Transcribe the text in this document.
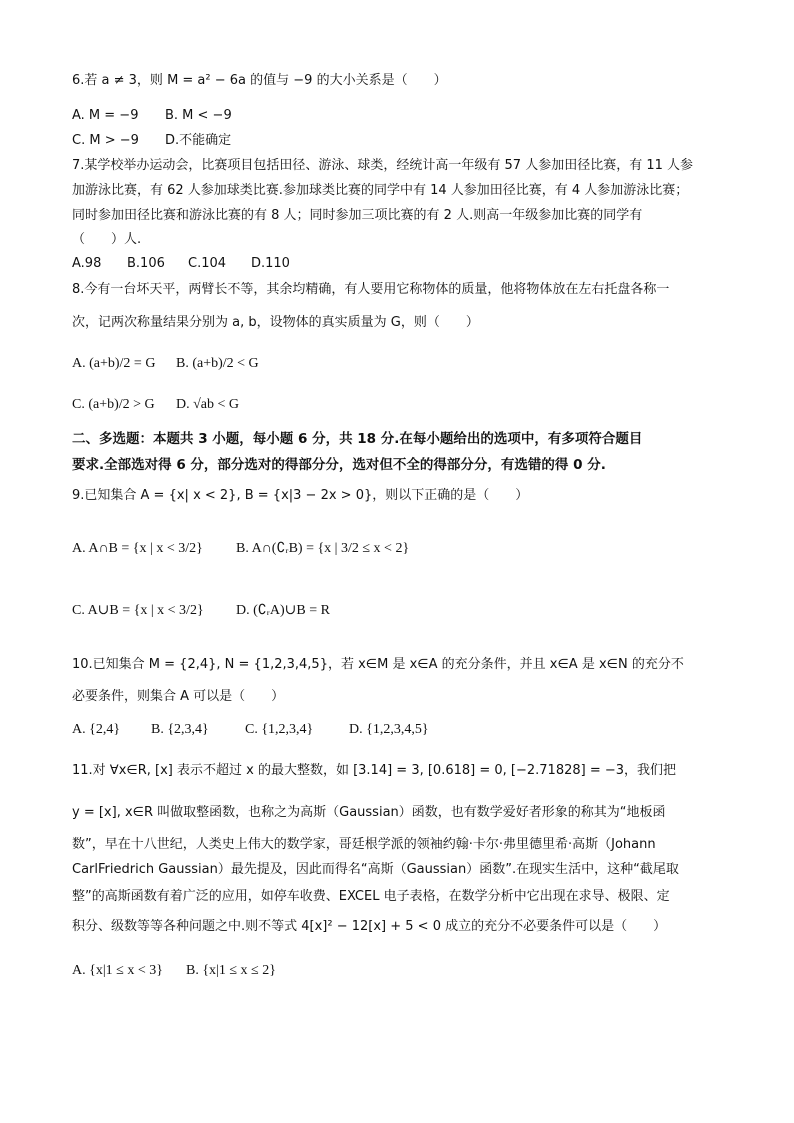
6.若 a ≠ 3，则 M = a² − 6a 的值与 −9 的大小关系是（　　）
A. M = −9 B. M < −9
C. M > −9 D.不能确定
7.某学校举办运动会，比赛项目包括田径、游泳、球类，经统计高一年级有 57 人参加田径比赛，有 11 人参
加游泳比赛，有 62 人参加球类比赛.参加球类比赛的同学中有 14 人参加田径比赛，有 4 人参加游泳比赛；
同时参加田径比赛和游泳比赛的有 8 人；同时参加三项比赛的有 2 人.则高一年级参加比赛的同学有
（　　）人.
A.98 B.106 C.104 D.110
8.今有一台坏天平，两臂长不等，其余均精确，有人要用它称物体的质量，他将物体放在左右托盘各称一
次，记两次称量结果分别为 a, b，设物体的真实质量为 G，则（　　）
A. (a+b)/2 = G B. (a+b)/2 < G
C. (a+b)/2 > G D. √ab < G
二、多选题：本题共 3 小题，每小题 6 分，共 18 分.在每小题给出的选项中，有多项符合题目
要求.全部选对得 6 分，部分选对的得部分分，选对但不全的得部分分，有选错的得 0 分.
9.已知集合 A = {x| x < 2}, B = {x|3 − 2x > 0}，则以下正确的是（　　）
A. A∩B = {x | x < 3/2} B. A∩(∁ᵣB) = {x | 3/2 ≤ x < 2}
C. A∪B = {x | x < 3/2} D. (∁ᵣA)∪B = R
10.已知集合 M = {2,4}, N = {1,2,3,4,5}，若 x∈M 是 x∈A 的充分条件，并且 x∈A 是 x∈N 的充分不
必要条件，则集合 A 可以是（　　）
A. {2,4} B. {2,3,4}	C. {1,2,3,4}	D. {1,2,3,4,5}
11.对 ∀x∈R, [x] 表示不超过 x 的最大整数，如 [3.14] = 3, [0.618] = 0, [−2.71828] = −3，我们把
y = [x], x∈R 叫做取整函数，也称之为高斯（Gaussian）函数，也有数学爱好者形象的称其为“地板函
数”，早在十八世纪，人类史上伟大的数学家，哥廷根学派的领袖约翰·卡尔·弗里德里希·高斯（Johann
CarlFriedrich Gaussian）最先提及，因此而得名“高斯（Gaussian）函数”.在现实生活中，这种“截尾取
整”的高斯函数有着广泛的应用，如停车收费、EXCEL 电子表格，在数学分析中它出现在求导、极限、定
积分、级数等等各种问题之中.则不等式 4[x]² − 12[x] + 5 < 0 成立的充分不必要条件可以是（　　）
A. {x|1 ≤ x < 3} B. {x|1 ≤ x ≤ 2}
